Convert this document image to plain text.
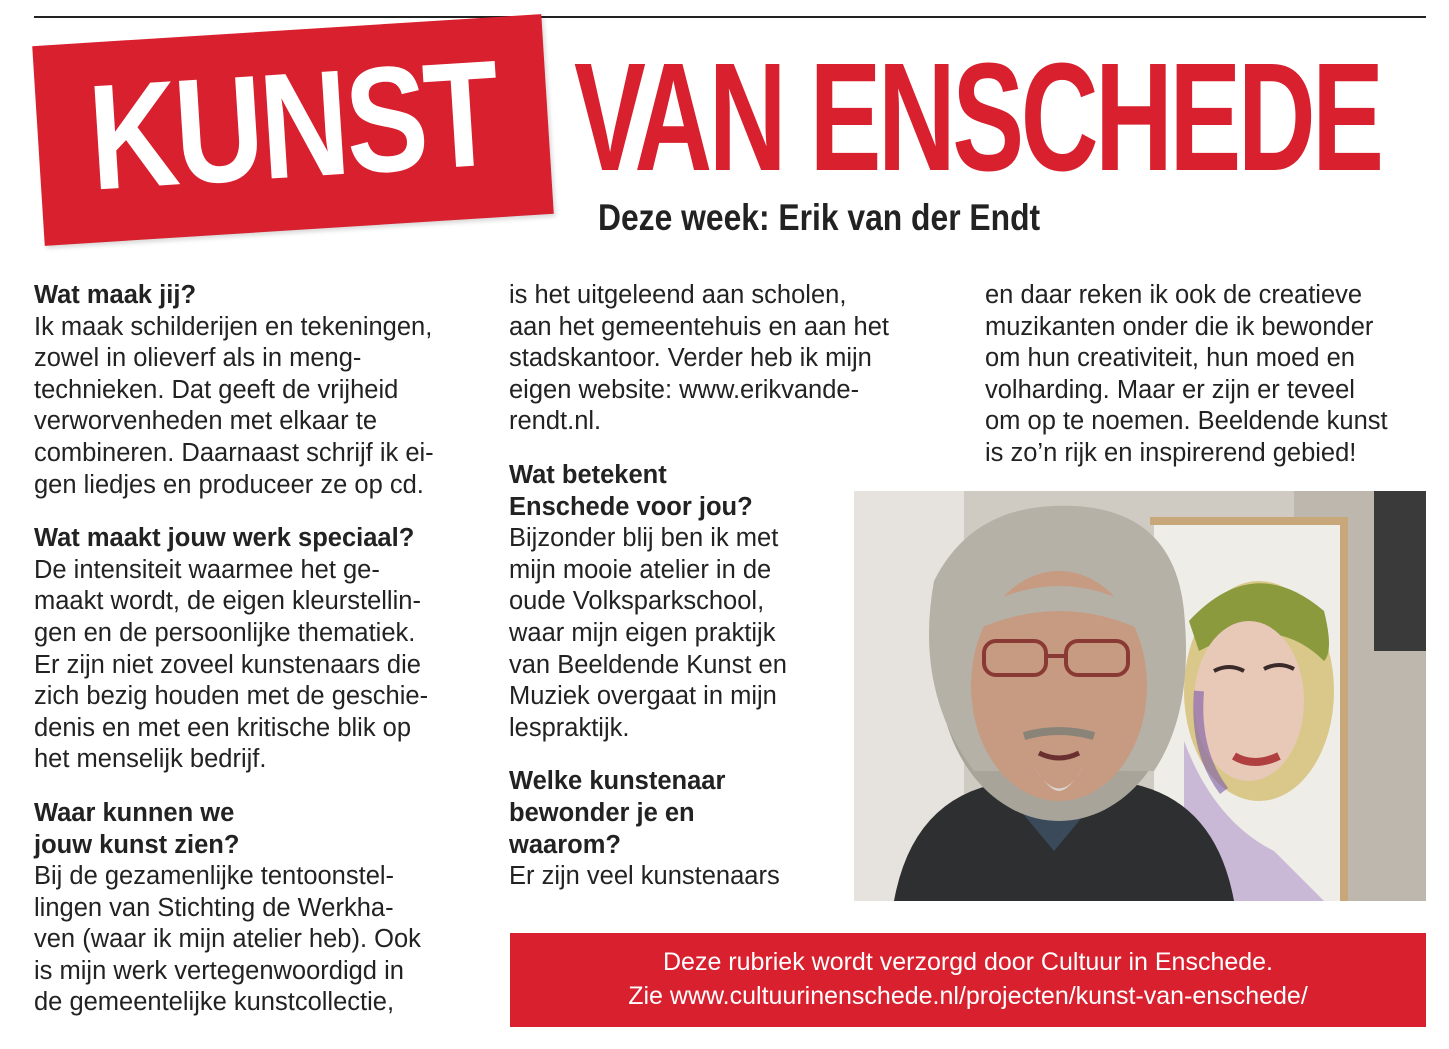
KUNST VAN ENSCHEDE
Deze week: Erik van der Endt

Wat maak jij?

Ik maak schilderijen en tekeningen,

zowel in olieverf als in meng-

technieken. Dat geeft de vrijheid

verworvenheden met elkaar te

combineren. Daarnaast schrijf ik ei-

gen liedjes en produceer ze op cd.

Wat maakt jouw werk speciaal?

De intensiteit waarmee het ge-

maakt wordt, de eigen kleurstellin-

gen en de persoonlijke thematiek.

Er zijn niet zoveel kunstenaars die

zich bezig houden met de geschie-

denis en met een kritische blik op

het menselijk bedrijf.

Waar kunnen we

jouw kunst zien?

Bij de gezamenlijke tentoonstel-

lingen van Stichting de Werkha-

ven (waar ik mijn atelier heb). Ook

is mijn werk vertegenwoordigd in

de gemeentelijke kunstcollectie,

is het uitgeleend aan scholen,

aan het gemeentehuis en aan het

stadskantoor. Verder heb ik mijn

eigen website: www.erikvande-

rendt.nl.

Wat betekent

Enschede voor jou?

Bijzonder blij ben ik met

mijn mooie atelier in de

oude Volksparkschool,

waar mijn eigen praktijk

van Beeldende Kunst en

Muziek overgaat in mijn

lespraktijk.

Welke kunstenaar

bewonder je en

waarom?

Er zijn veel kunstenaars

en daar reken ik ook de creatieve

muzikanten onder die ik bewonder

om hun creativiteit, hun moed en

volharding. Maar er zijn er teveel

om op te noemen. Beeldende kunst

is zo’n rijk en inspirerend gebied!

Deze rubriek wordt verzorgd door Cultuur in Enschede.

Zie www.cultuurinenschede.nl/projecten/kunst-van-enschede/
